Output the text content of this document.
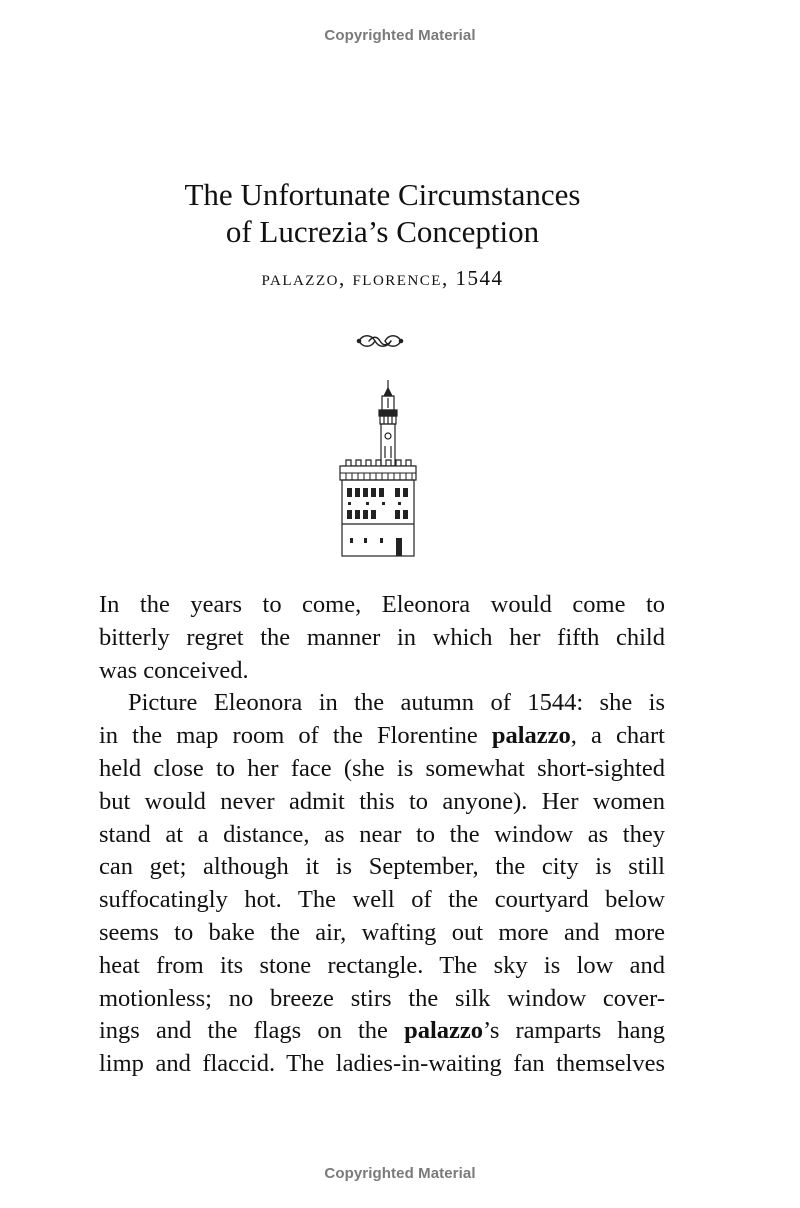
Copyrighted Material
The Unfortunate Circumstances
of Lucrezia’s Conception
palazzo, florence, 1544
In the years to come, Eleonora would come to
bitterly regret the manner in which her fifth child
was conceived.
Picture Eleonora in the autumn of 1544: she is
in the map room of the Florentine palazzo, a chart
held close to her face (she is somewhat short-sighted
but would never admit this to anyone). Her women
stand at a distance, as near to the window as they
can get; although it is September, the city is still
suffocatingly hot. The well of the courtyard below
seems to bake the air, wafting out more and more
heat from its stone rectangle. The sky is low and
motionless; no breeze stirs the silk window cover-
ings and the flags on the palazzo’s ramparts hang
limp and flaccid. The ladies-in-waiting fan themselves
Copyrighted Material
